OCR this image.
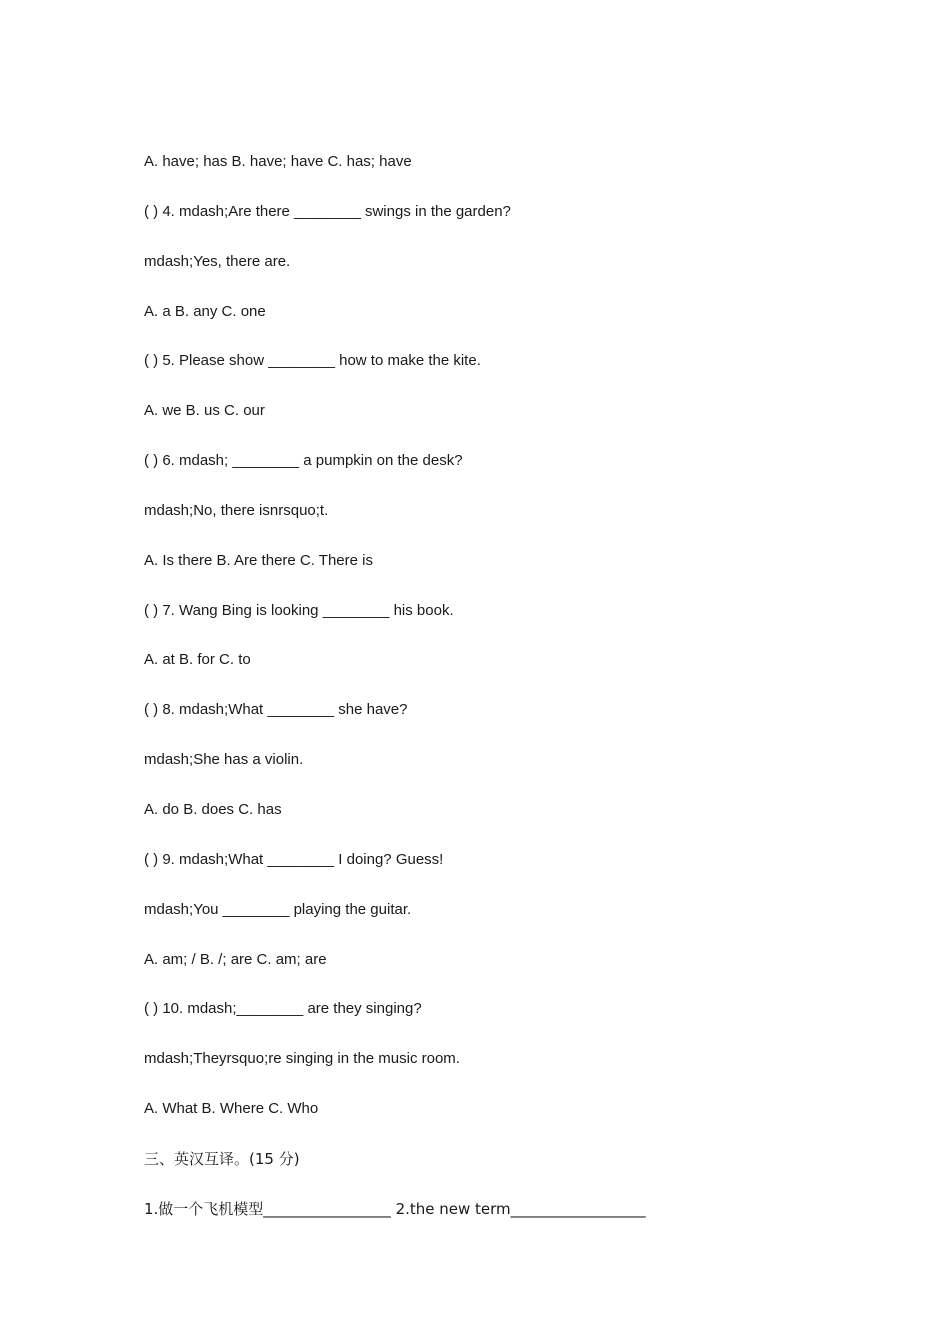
A. have; has B. have; have C. has; have
( ) 4. mdash;Are there ________ swings in the garden?
mdash;Yes, there are.
A. a B. any C. one
( ) 5. Please show ________ how to make the kite.
A. we B. us C. our
( ) 6. mdash; ________ a pumpkin on the desk?
mdash;No, there isnrsquo;t.
A. Is there B. Are there C. There is
( ) 7. Wang Bing is looking ________ his book.
A. at B. for C. to
( ) 8. mdash;What ________ she have?
mdash;She has a violin.
A. do B. does C. has
( ) 9. mdash;What ________ I doing? Guess!
mdash;You ________ playing the guitar.
A. am; / B. /; are C. am; are
( ) 10. mdash;________ are they singing?
mdash;Theyrsquo;re singing in the music room.
A. What B. Where C. Who
三、英汉互译。(15 分)
1.做一个飞机模型_________________ 2.the new term__________________
